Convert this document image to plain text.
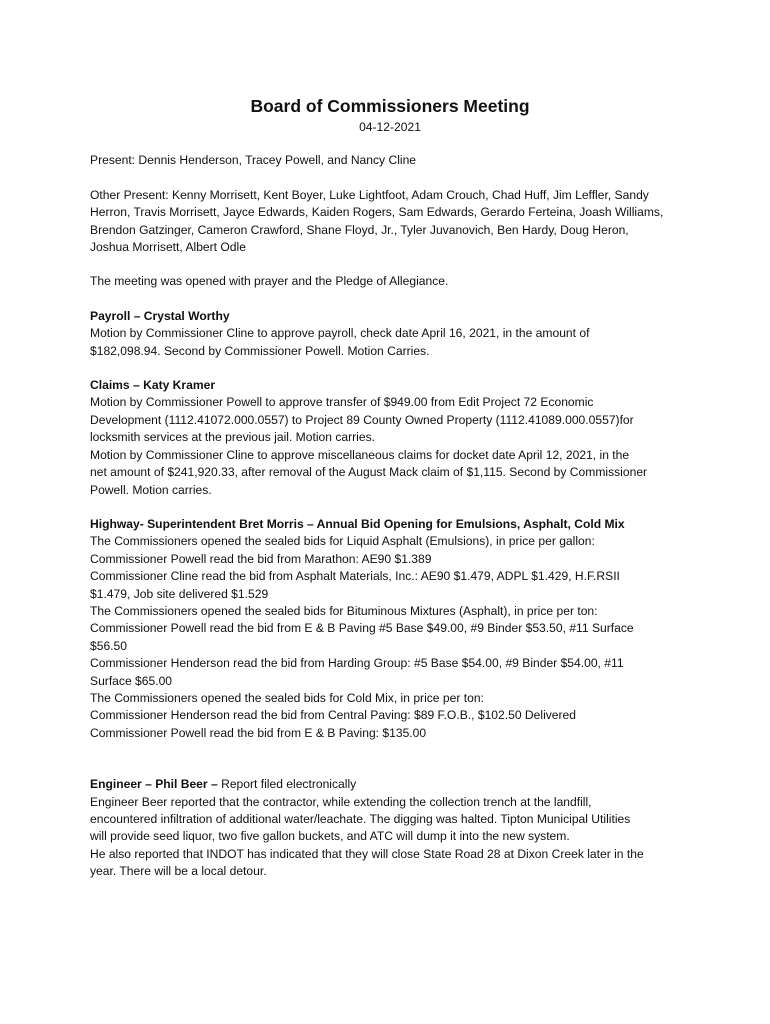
Board of Commissioners Meeting
04-12-2021

Present: Dennis Henderson, Tracey Powell, and Nancy Cline

Other Present: Kenny Morrisett, Kent Boyer, Luke Lightfoot, Adam Crouch, Chad Huff, Jim Leffler, Sandy
Herron, Travis Morrisett, Jayce Edwards, Kaiden Rogers, Sam Edwards, Gerardo Ferteina, Joash Williams,
Brendon Gatzinger, Cameron Crawford, Shane Floyd, Jr., Tyler Juvanovich, Ben Hardy, Doug Heron,
Joshua Morrisett, Albert Odle

The meeting was opened with prayer and the Pledge of Allegiance.

Payroll – Crystal Worthy
Motion by Commissioner Cline to approve payroll, check date April 16, 2021, in the amount of
$182,098.94. Second by Commissioner Powell. Motion Carries.
Claims – Katy Kramer
Motion by Commissioner Powell to approve transfer of $949.00 from Edit Project 72 Economic
Development (1112.41072.000.0557) to Project 89 County Owned Property (1112.41089.000.0557)for
locksmith services at the previous jail. Motion carries.
Motion by Commissioner Cline to approve miscellaneous claims for docket date April 12, 2021, in the
net amount of $241,920.33, after removal of the August Mack claim of $1,115. Second by Commissioner
Powell. Motion carries.
Highway- Superintendent Bret Morris – Annual Bid Opening for Emulsions, Asphalt, Cold Mix
The Commissioners opened the sealed bids for Liquid Asphalt (Emulsions), in price per gallon:
Commissioner Powell read the bid from Marathon: AE90 $1.389
Commissioner Cline read the bid from Asphalt Materials, Inc.: AE90 $1.479, ADPL $1.429, H.F.RSII
$1.479, Job site delivered $1.529
The Commissioners opened the sealed bids for Bituminous Mixtures (Asphalt), in price per ton:
Commissioner Powell read the bid from E & B Paving #5 Base $49.00, #9 Binder $53.50, #11 Surface
$56.50
Commissioner Henderson read the bid from Harding Group: #5 Base $54.00, #9 Binder $54.00, #11
Surface $65.00
The Commissioners opened the sealed bids for Cold Mix, in price per ton:
Commissioner Henderson read the bid from Central Paving: $89 F.O.B., $102.50 Delivered
Commissioner Powell read the bid from E & B Paving: $135.00
Engineer – Phil Beer – Report filed electronically
Engineer Beer reported that the contractor, while extending the collection trench at the landfill,
encountered infiltration of additional water/leachate. The digging was halted. Tipton Municipal Utilities
will provide seed liquor, two five gallon buckets, and ATC will dump it into the new system.
He also reported that INDOT has indicated that they will close State Road 28 at Dixon Creek later in the
year. There will be a local detour.
